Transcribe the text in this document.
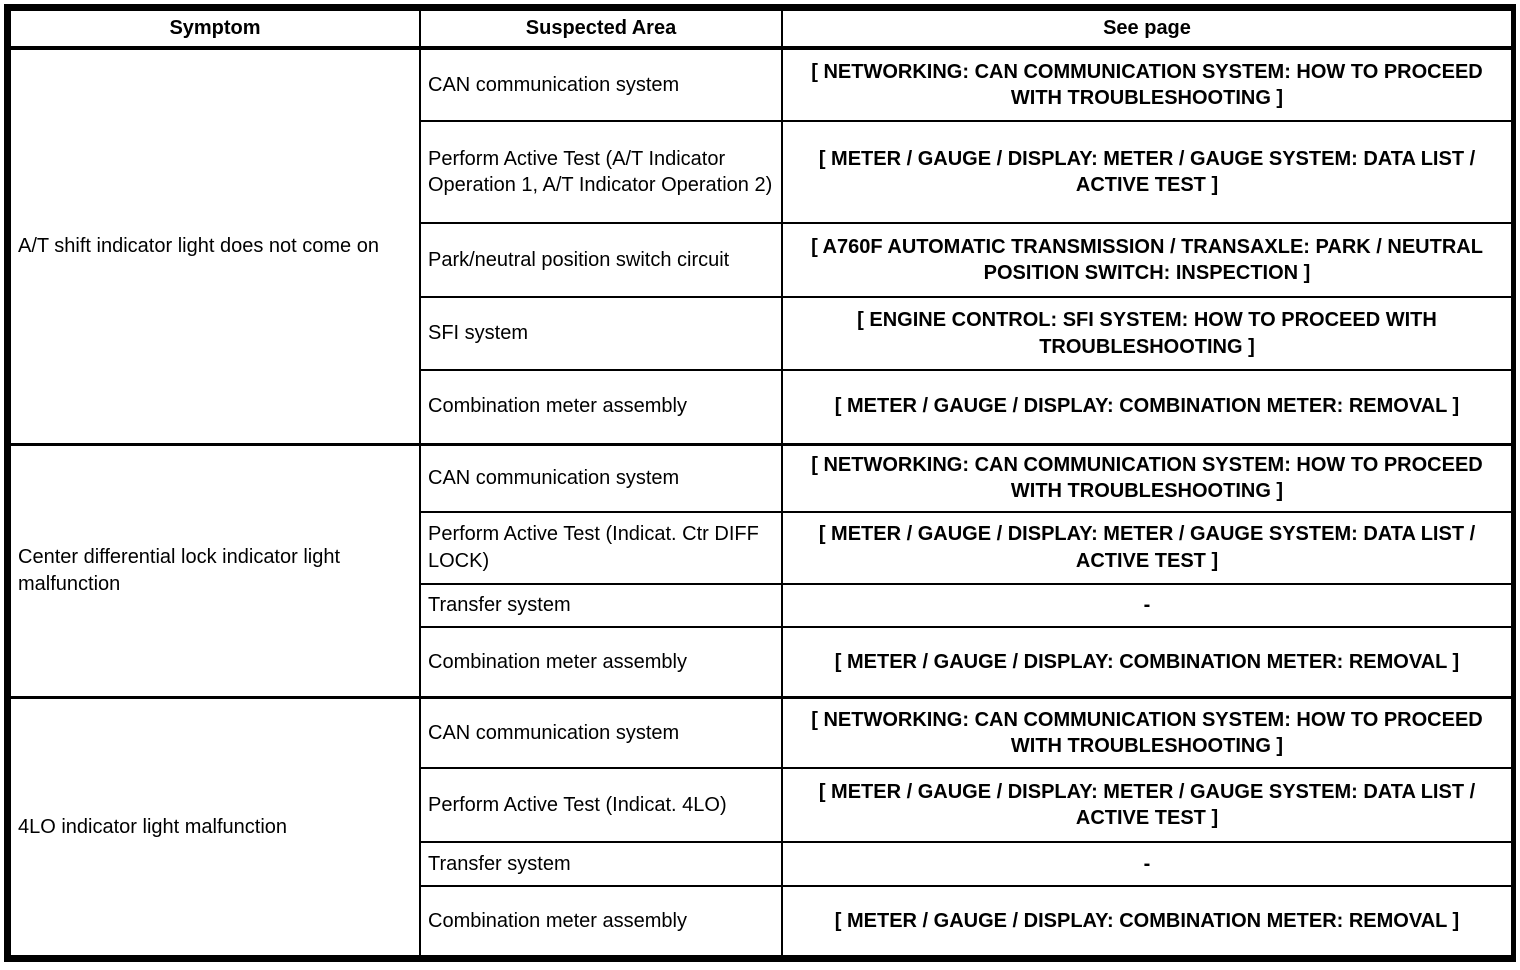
Symptom	Suspected Area	See page
A/T shift indicator light does not come on	CAN communication system	[ NETWORKING: CAN COMMUNICATION SYSTEM: HOW TO PROCEED WITH TROUBLESHOOTING ]
	Perform Active Test (A/T Indicator Operation 1, A/T Indicator Operation 2)	[ METER / GAUGE / DISPLAY: METER / GAUGE SYSTEM: DATA LIST / ACTIVE TEST ]
	Park/neutral position switch circuit	[ A760F AUTOMATIC TRANSMISSION / TRANSAXLE: PARK / NEUTRAL POSITION SWITCH: INSPECTION ]
	SFI system	[ ENGINE CONTROL: SFI SYSTEM: HOW TO PROCEED WITH TROUBLESHOOTING ]
	Combination meter assembly	[ METER / GAUGE / DISPLAY: COMBINATION METER: REMOVAL ]
Center differential lock indicator light malfunction	CAN communication system	[ NETWORKING: CAN COMMUNICATION SYSTEM: HOW TO PROCEED WITH TROUBLESHOOTING ]
	Perform Active Test (Indicat. Ctr DIFF LOCK)	[ METER / GAUGE / DISPLAY: METER / GAUGE SYSTEM: DATA LIST / ACTIVE TEST ]
	Transfer system	-
	Combination meter assembly	[ METER / GAUGE / DISPLAY: COMBINATION METER: REMOVAL ]
4LO indicator light malfunction	CAN communication system	[ NETWORKING: CAN COMMUNICATION SYSTEM: HOW TO PROCEED WITH TROUBLESHOOTING ]
	Perform Active Test (Indicat. 4LO)	[ METER / GAUGE / DISPLAY: METER / GAUGE SYSTEM: DATA LIST / ACTIVE TEST ]
	Transfer system	-
	Combination meter assembly	[ METER / GAUGE / DISPLAY: COMBINATION METER: REMOVAL ]
